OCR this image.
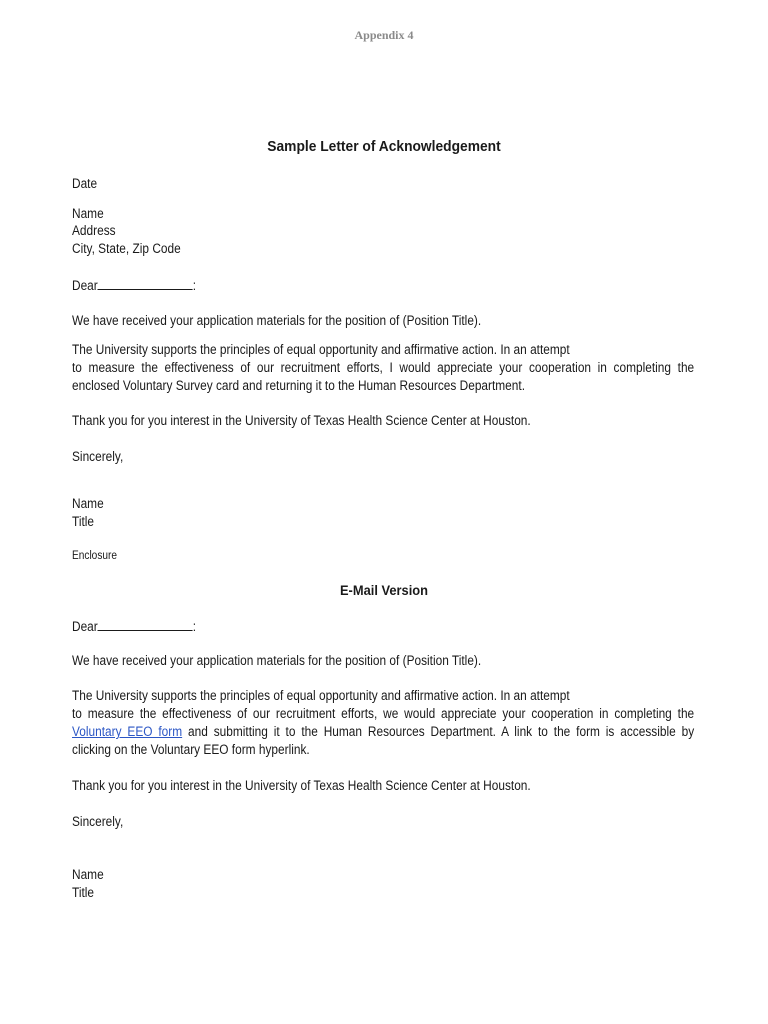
Appendix 4
Sample Letter of Acknowledgement
Date
Name
Address
City, State, Zip Code
Dear	:
We have received your application materials for the position of (Position Title).
The University supports the principles of equal opportunity and affirmative action. In an attempt
to measure the effectiveness of our recruitment efforts, I would appreciate your cooperation in completing the
enclosed Voluntary Survey card and returning it to the Human Resources Department.
Thank you for you interest in the University of Texas Health Science Center at Houston.
Sincerely,
Name
Title
Enclosure
E-Mail Version
Dear	:
We have received your application materials for the position of (Position Title).
The University supports the principles of equal opportunity and affirmative action. In an attempt
to measure the effectiveness of our recruitment efforts, we would appreciate your cooperation in completing the
Voluntary EEO form and submitting it to the Human Resources Department. A link to the form is accessible by
clicking on the Voluntary EEO form hyperlink.
Thank you for you interest in the University of Texas Health Science Center at Houston.
Sincerely,
Name
Title
